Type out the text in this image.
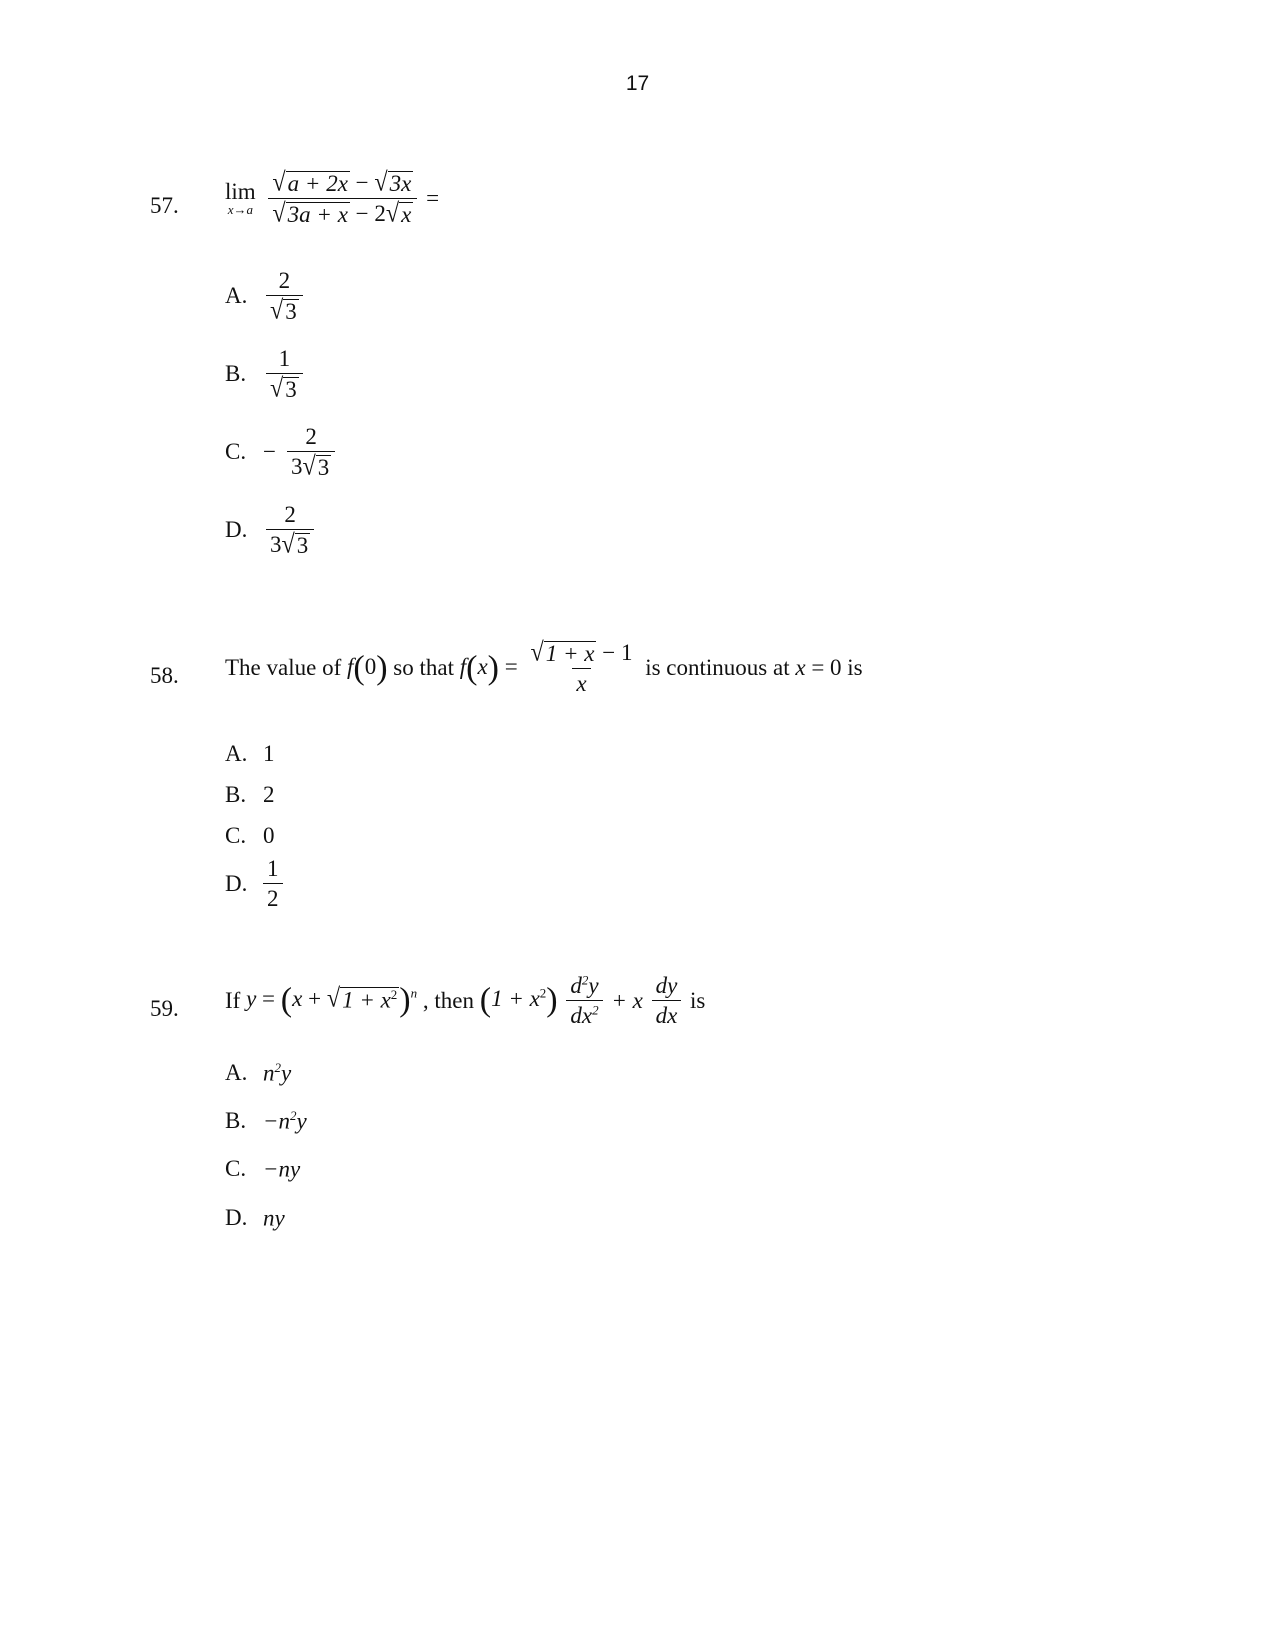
17
57.
lim
x→a
$\frac{√ a + 2x - √ 3x}{√ 3a + x - 2 √ x}$ =
A. $\frac{2}{√ 3}$
B. $\frac{1}{√ 3}$
C. − $\frac{2}{3 √ 3}$
D. $\frac{2}{3 √ 3}$
58. The value of f(0) so that $f(x) = \frac{√ 1 + x - 1}{x}$ is continuous at x = 0 is
A. 1
B. 2
C. 0
D. $\frac{1}{2}$
59. If y = (x + √ $1 + x^2$ )$^n$ , then $(1 + x^2) \frac{d^2y}{dx^2} + x \frac{dy}{dx}$ is
A. $n^2y$
B. $-n^2y$
C. −ny
D. ny
